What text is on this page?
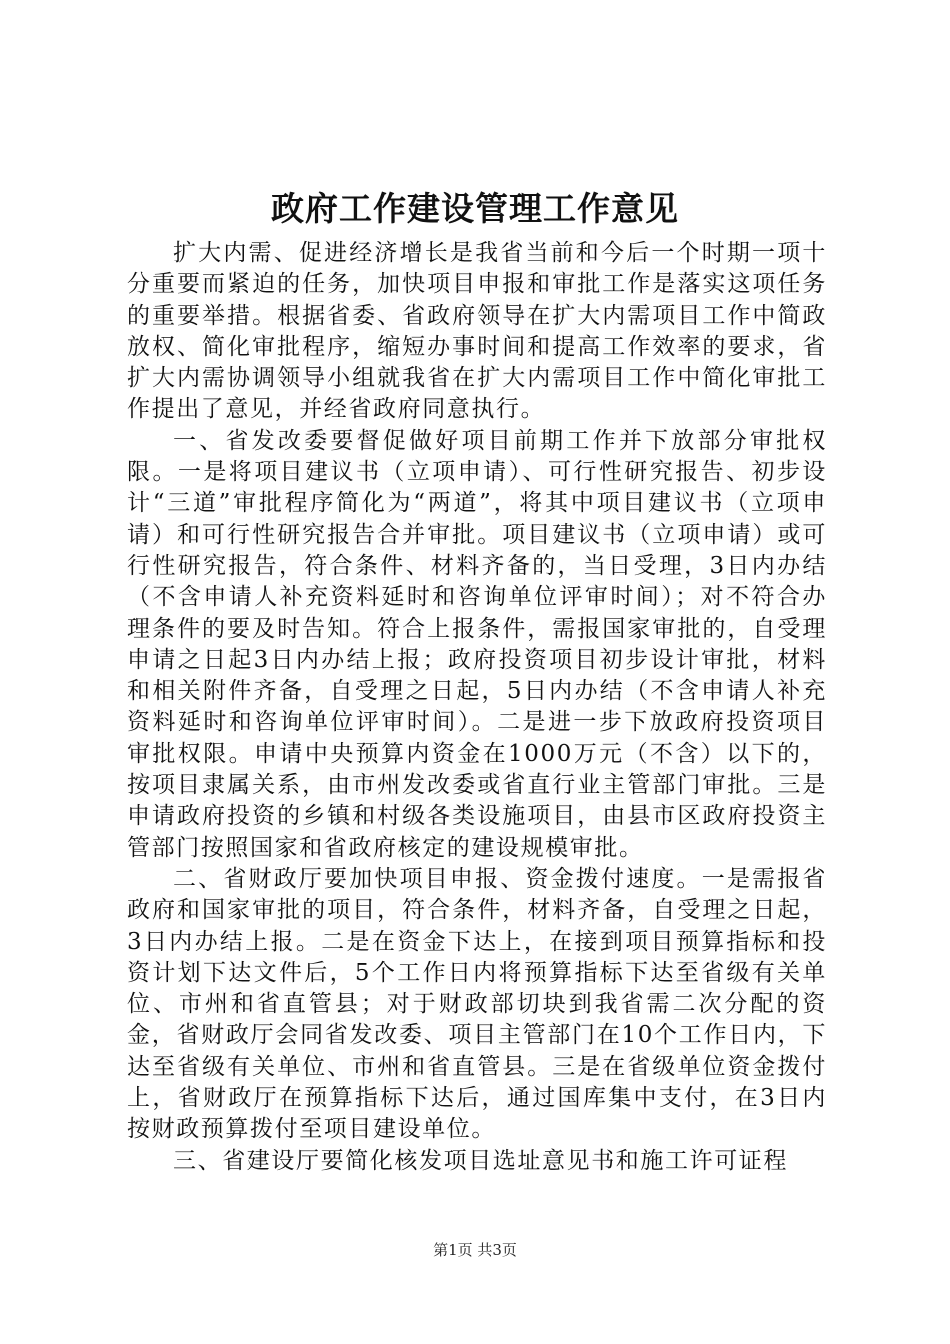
政府工作建设管理工作意见

扩大内需、促进经济增长是我省当前和今后一个时期一项十分重要而紧迫的任务，加快项目申报和审批工作是落实这项任务的重要举措。根据省委、省政府领导在扩大内需项目工作中简政放权、简化审批程序，缩短办事时间和提高工作效率的要求，省扩大内需协调领导小组就我省在扩大内需项目工作中简化审批工作提出了意见，并经省政府同意执行。

一、省发改委要督促做好项目前期工作并下放部分审批权限。一是将项目建议书（立项申请）、可行性研究报告、初步设计“三道”审批程序简化为“两道”，将其中项目建议书（立项申请）和可行性研究报告合并审批。项目建议书（立项申请）或可行性研究报告，符合条件、材料齐备的，当日受理，3日内办结（不含申请人补充资料延时和咨询单位评审时间）；对不符合办理条件的要及时告知。符合上报条件，需报国家审批的，自受理申请之日起3日内办结上报；政府投资项目初步设计审批，材料和相关附件齐备，自受理之日起，5日内办结（不含申请人补充资料延时和咨询单位评审时间）。二是进一步下放政府投资项目审批权限。申请中央预算内资金在1000万元（不含）以下的，按项目隶属关系，由市州发改委或省直行业主管部门审批。三是申请政府投资的乡镇和村级各类设施项目，由县市区政府投资主管部门按照国家和省政府核定的建设规模审批。

二、省财政厅要加快项目申报、资金拨付速度。一是需报省政府和国家审批的项目，符合条件，材料齐备，自受理之日起，3日内办结上报。二是在资金下达上，在接到项目预算指标和投资计划下达文件后，5个工作日内将预算指标下达至省级有关单位、市州和省直管县；对于财政部切块到我省需二次分配的资金，省财政厅会同省发改委、项目主管部门在10个工作日内，下达至省级有关单位、市州和省直管县。三是在省级单位资金拨付上，省财政厅在预算指标下达后，通过国库集中支付，在3日内按财政预算拨付至项目建设单位。

三、省建设厅要简化核发项目选址意见书和施工许可证程

第1页 共3页
